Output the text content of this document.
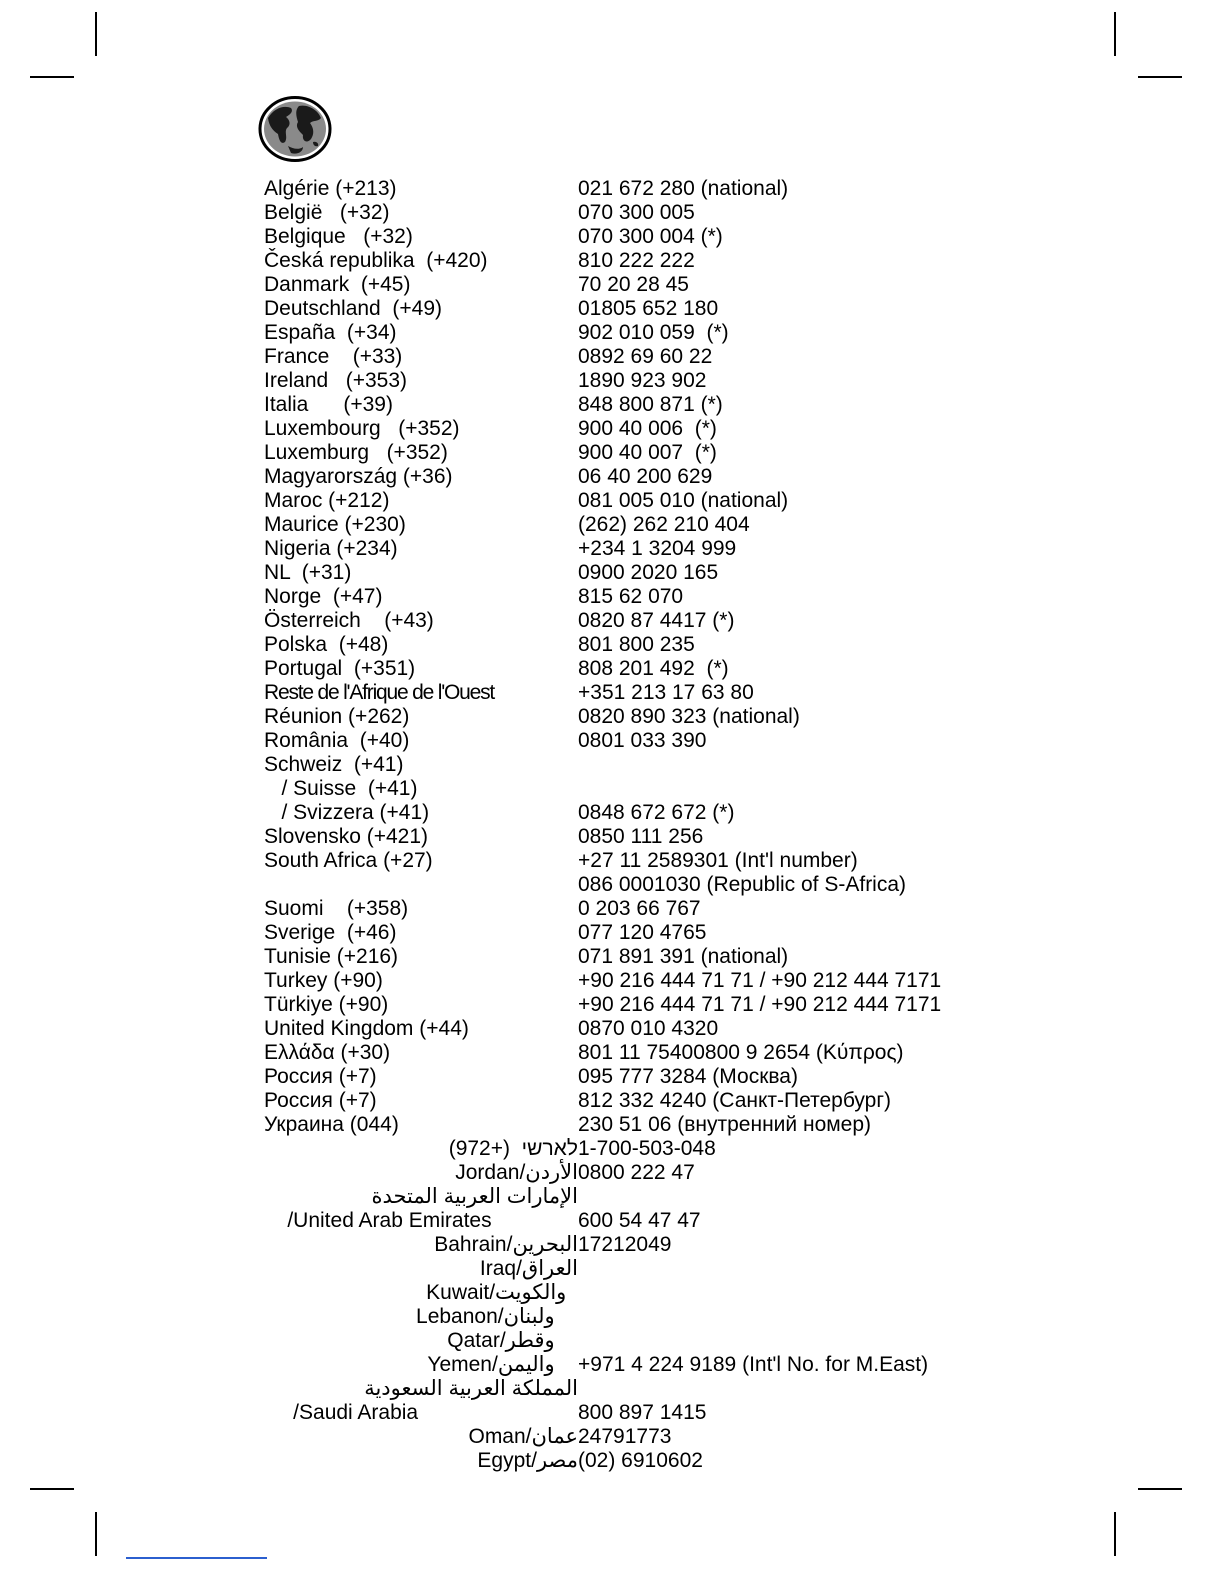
Algérie (+213)	021 672 280 (national)
België   (+32)	070 300 005
Belgique   (+32)	070 300 004 (*)
Česká republika  (+420)	810 222 222
Danmark  (+45)	70 20 28 45
Deutschland  (+49)	01805 652 180
España  (+34)	902 010 059  (*)
France    (+33)	0892 69 60 22
Ireland   (+353)	1890 923 902
Italia      (+39)	848 800 871 (*)
Luxembourg   (+352)	900 40 006  (*)
Luxemburg   (+352)	900 40 007  (*)
Magyarország (+36)	06 40 200 629
Maroc (+212)	081 005 010 (national)
Maurice (+230)	(262) 262 210 404
Nigeria (+234)	+234 1 3204 999
NL  (+31)	0900 2020 165
Norge  (+47)	815 62 070
Österreich    (+43)	0820 87 4417 (*)
Polska  (+48)	801 800 235
Portugal  (+351)	808 201 492  (*)
Reste de l'Afrique de l'Ouest	+351 213 17 63 80
Réunion (+262)	0820 890 323 (national)
România  (+40)	0801 033 390
Schweiz  (+41)
/ Suisse  (+41)
/ Svizzera (+41)	0848 672 672 (*)
Slovensko (+421)	0850 111 256
South Africa (+27)	+27 11 2589301 (Int'l number)
086 0001030 (Republic of S-Africa)
Suomi    (+358)	0 203 66 767
Sverige  (+46)	077 120 4765
Tunisie (+216)	071 891 391 (national)
Turkey (+90)	+90 216 444 71 71 / +90 212 444 7171
Türkiye (+90)	+90 216 444 71 71 / +90 212 444 7171
United Kingdom (+44)	0870 010 4320
Ελλάδα (+30)	801 11 75400800 9 2654 (Κύπρος)
Россия (+7)	095 777 3284 (Москва)
Россия (+7)	812 332 4240 (Санкт-Петербург)
Украина (044)	230 51 06 (внутренний номер)
לארשי  (+972) 1-700-503-048
الأردن/Jordan 0800 222 47
الإمارات العربية المتحدة
/United Arab Emirates	600 54 47 47
البحرين/Bahrain 17212049
العراق/Iraq
والكويت/Kuwait
ولبنان/Lebanon
وقطر/Qatar
واليمن/Yemen +971 4 224 9189 (Int'l No. for M.East)
المملكة العربية السعودية
/Saudi Arabia	800 897 1415
عمان/Oman 24791773
مصر/Egypt (02) 6910602
